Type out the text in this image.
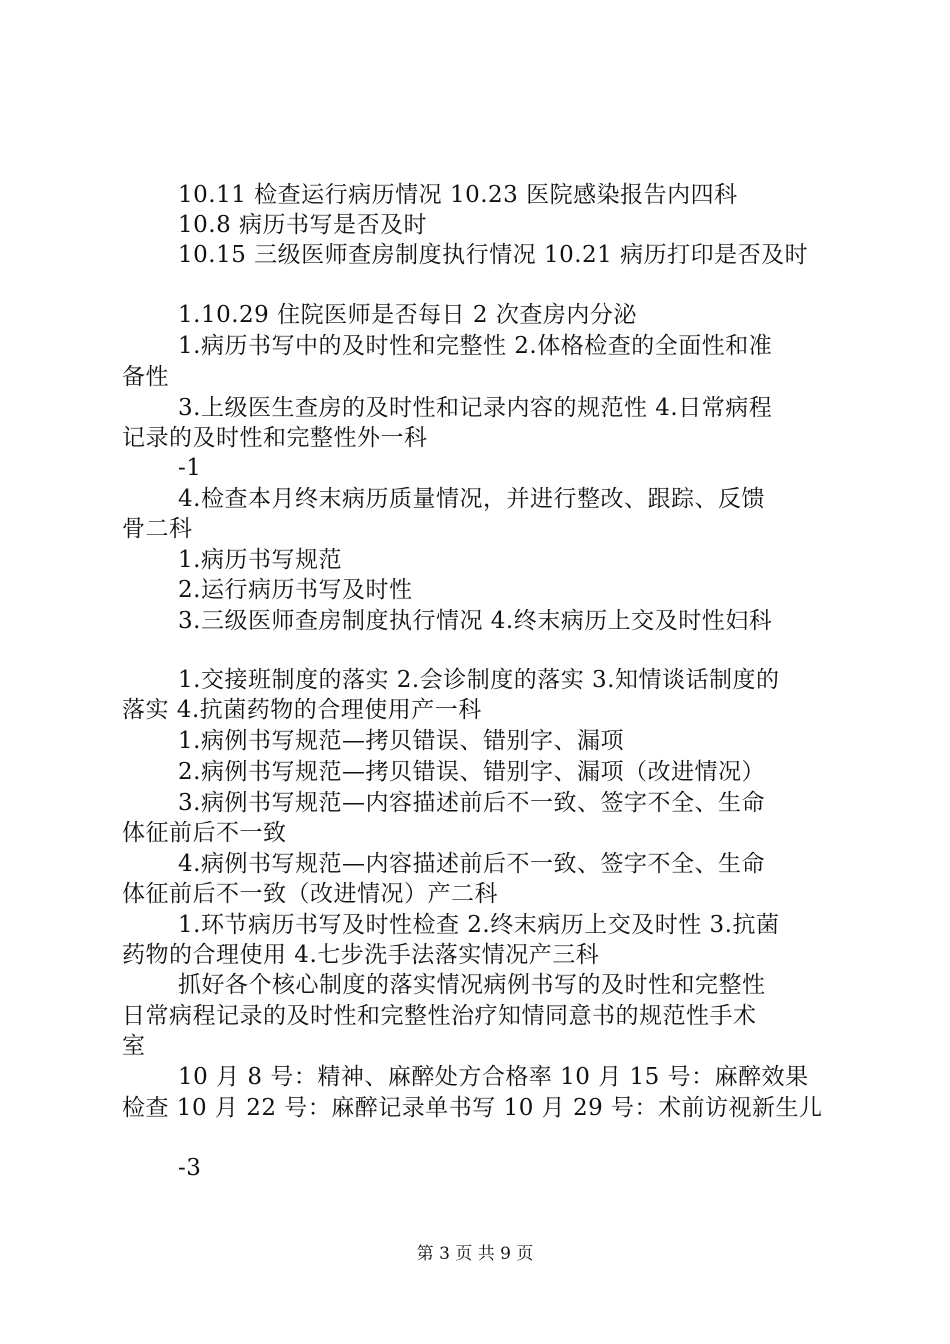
10.11 检查运行病历情况 10.23 医院感染报告内四科
10.8 病历书写是否及时
10.15 三级医师查房制度执行情况 10.21 病历打印是否及时
1.10.29 住院医师是否每日 2 次查房内分泌
1.病历书写中的及时性和完整性 2.体格检查的全面性和准
备性
3.上级医生查房的及时性和记录内容的规范性 4.日常病程
记录的及时性和完整性外一科
-1
4.检查本月终末病历质量情况，并进行整改、跟踪、反馈
骨二科
1.病历书写规范
2.运行病历书写及时性
3.三级医师查房制度执行情况 4.终末病历上交及时性妇科
1.交接班制度的落实 2.会诊制度的落实 3.知情谈话制度的
落实 4.抗菌药物的合理使用产一科
1.病例书写规范—拷贝错误、错别字、漏项
2.病例书写规范—拷贝错误、错别字、漏项（改进情况）
3.病例书写规范—内容描述前后不一致、签字不全、生命
体征前后不一致
4.病例书写规范—内容描述前后不一致、签字不全、生命
体征前后不一致（改进情况）产二科
1.环节病历书写及时性检查 2.终末病历上交及时性 3.抗菌
药物的合理使用 4.七步洗手法落实情况产三科
抓好各个核心制度的落实情况病例书写的及时性和完整性
日常病程记录的及时性和完整性治疗知情同意书的规范性手术
室
10 月 8 号：精神、麻醉处方合格率 10 月 15 号：麻醉效果
检查 10 月 22 号：麻醉记录单书写 10 月 29 号：术前访视新生儿
-3
第 3 页 共 9 页
